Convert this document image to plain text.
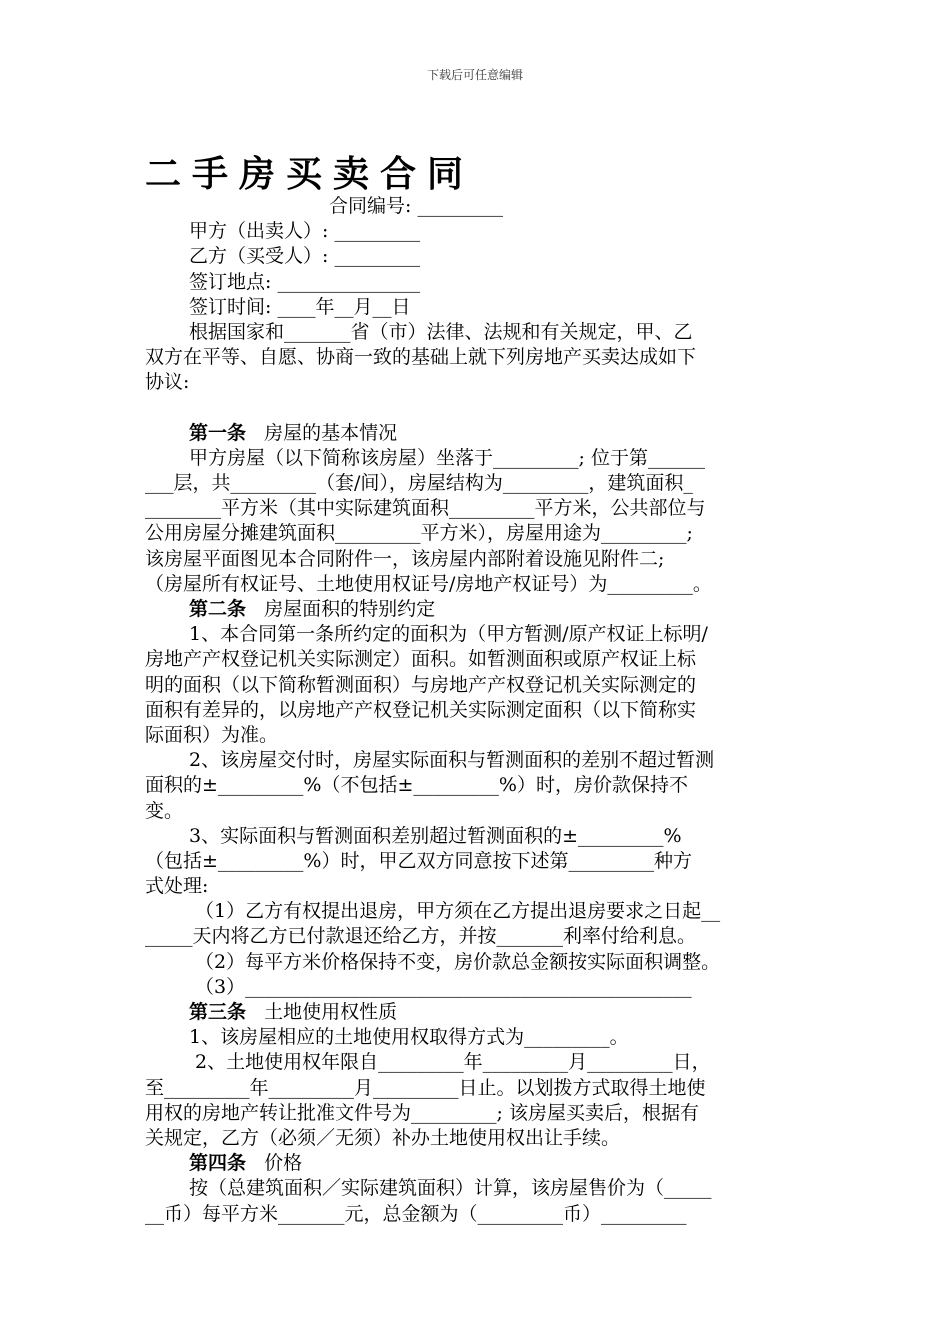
下载后可任意编辑
二手房买卖合同
合同编号: _________
甲方（出卖人）: _________
乙方（买受人）: _________
签订地点: _______________
签订时间: ____年__月__日
根据国家和_______省（市）法律、法规和有关规定，甲、乙
双方在平等、自愿、协商一致的基础上就下列房地产买卖达成如下
协议:
第一条 房屋的基本情况
甲方房屋（以下简称该房屋）坐落于_________; 位于第______
___层，共_________（套/间），房屋结构为_________，建筑面积_
________平方米（其中实际建筑面积_________平方米，公共部位与
公用房屋分摊建筑面积_________平方米），房屋用途为_________;
该房屋平面图见本合同附件一，该房屋内部附着设施见附件二;
（房屋所有权证号、土地使用权证号/房地产权证号）为_________。
第二条 房屋面积的特别约定
1、本合同第一条所约定的面积为（甲方暂测/原产权证上标明/
房地产产权登记机关实际测定）面积。如暂测面积或原产权证上标
明的面积（以下简称暂测面积）与房地产产权登记机关实际测定的
面积有差异的，以房地产产权登记机关实际测定面积（以下简称实
际面积）为准。
2、该房屋交付时，房屋实际面积与暂测面积的差别不超过暂测
面积的±_________%（不包括±_________%）时，房价款保持不
变。
3、实际面积与暂测面积差别超过暂测面积的±_________%
（包括±_________%）时，甲乙双方同意按下述第_________种方
式处理:
（1）乙方有权提出退房，甲方须在乙方提出退房要求之日起__
_____天内将乙方已付款退还给乙方，并按_______利率付给利息。
（2）每平方米价格保持不变，房价款总金额按实际面积调整。
（3）_______________________________________________
第三条 土地使用权性质
1、该房屋相应的土地使用权取得方式为_________。
2、土地使用权年限自_________年_________月_________日，
至_________年_________月_________日止。以划拨方式取得土地使
用权的房地产转让批准文件号为_________; 该房屋买卖后，根据有
关规定，乙方（必须／无须）补办土地使用权出让手续。
第四条 价格
按（总建筑面积／实际建筑面积）计算，该房屋售价为（_____
__币）每平方米_______元，总金额为（_________币）_________
